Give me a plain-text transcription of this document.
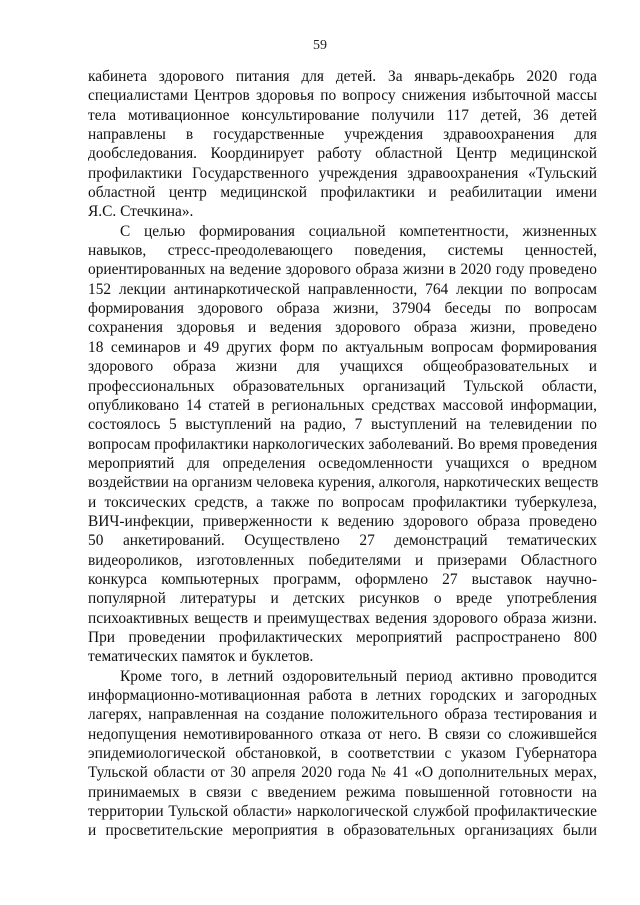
59

кабинета здорового питания для детей. За январь-декабрь 2020 года
специалистами Центров здоровья по вопросу снижения избыточной массы
тела мотивационное консультирование получили 117 детей, 36 детей
направлены в государственные учреждения здравоохранения для
дообследования. Координирует работу областной Центр медицинской
профилактики Государственного учреждения здравоохранения «Тульский
областной центр медицинской профилактики и реабилитации имени
Я.С. Стечкина».

С целью формирования социальной компетентности, жизненных
навыков, стресс-преодолевающего поведения, системы ценностей,
ориентированных на ведение здорового образа жизни в 2020 году проведено
152 лекции антинаркотической направленности, 764 лекции по вопросам
формирования здорового образа жизни, 37904 беседы по вопросам
сохранения здоровья и ведения здорового образа жизни, проведено
18 семинаров и 49 других форм по актуальным вопросам формирования
здорового образа жизни для учащихся общеобразовательных и
профессиональных образовательных организаций Тульской области,
опубликовано 14 статей в региональных средствах массовой информации,
состоялось 5 выступлений на радио, 7 выступлений на телевидении по
вопросам профилактики наркологических заболеваний. Во время проведения
мероприятий для определения осведомленности учащихся о вредном
воздействии на организм человека курения, алкоголя, наркотических веществ
и токсических средств, а также по вопросам профилактики туберкулеза,
ВИЧ-инфекции, приверженности к ведению здорового образа проведено
50 анкетирований. Осуществлено 27 демонстраций тематических
видеороликов, изготовленных победителями и призерами Областного
конкурса компьютерных программ, оформлено 27 выставок научно-
популярной литературы и детских рисунков о вреде употребления
психоактивных веществ и преимуществах ведения здорового образа жизни.
При проведении профилактических мероприятий распространено 800
тематических памяток и буклетов.

Кроме того, в летний оздоровительный период активно проводится
информационно-мотивационная работа в летних городских и загородных
лагерях, направленная на создание положительного образа тестирования и
недопущения немотивированного отказа от него. В связи со сложившейся
эпидемиологической обстановкой, в соответствии с указом Губернатора
Тульской области от 30 апреля 2020 года № 41 «О дополнительных мерах,
принимаемых в связи с введением режима повышенной готовности на
территории Тульской области» наркологической службой профилактические
и просветительские мероприятия в образовательных организациях были
